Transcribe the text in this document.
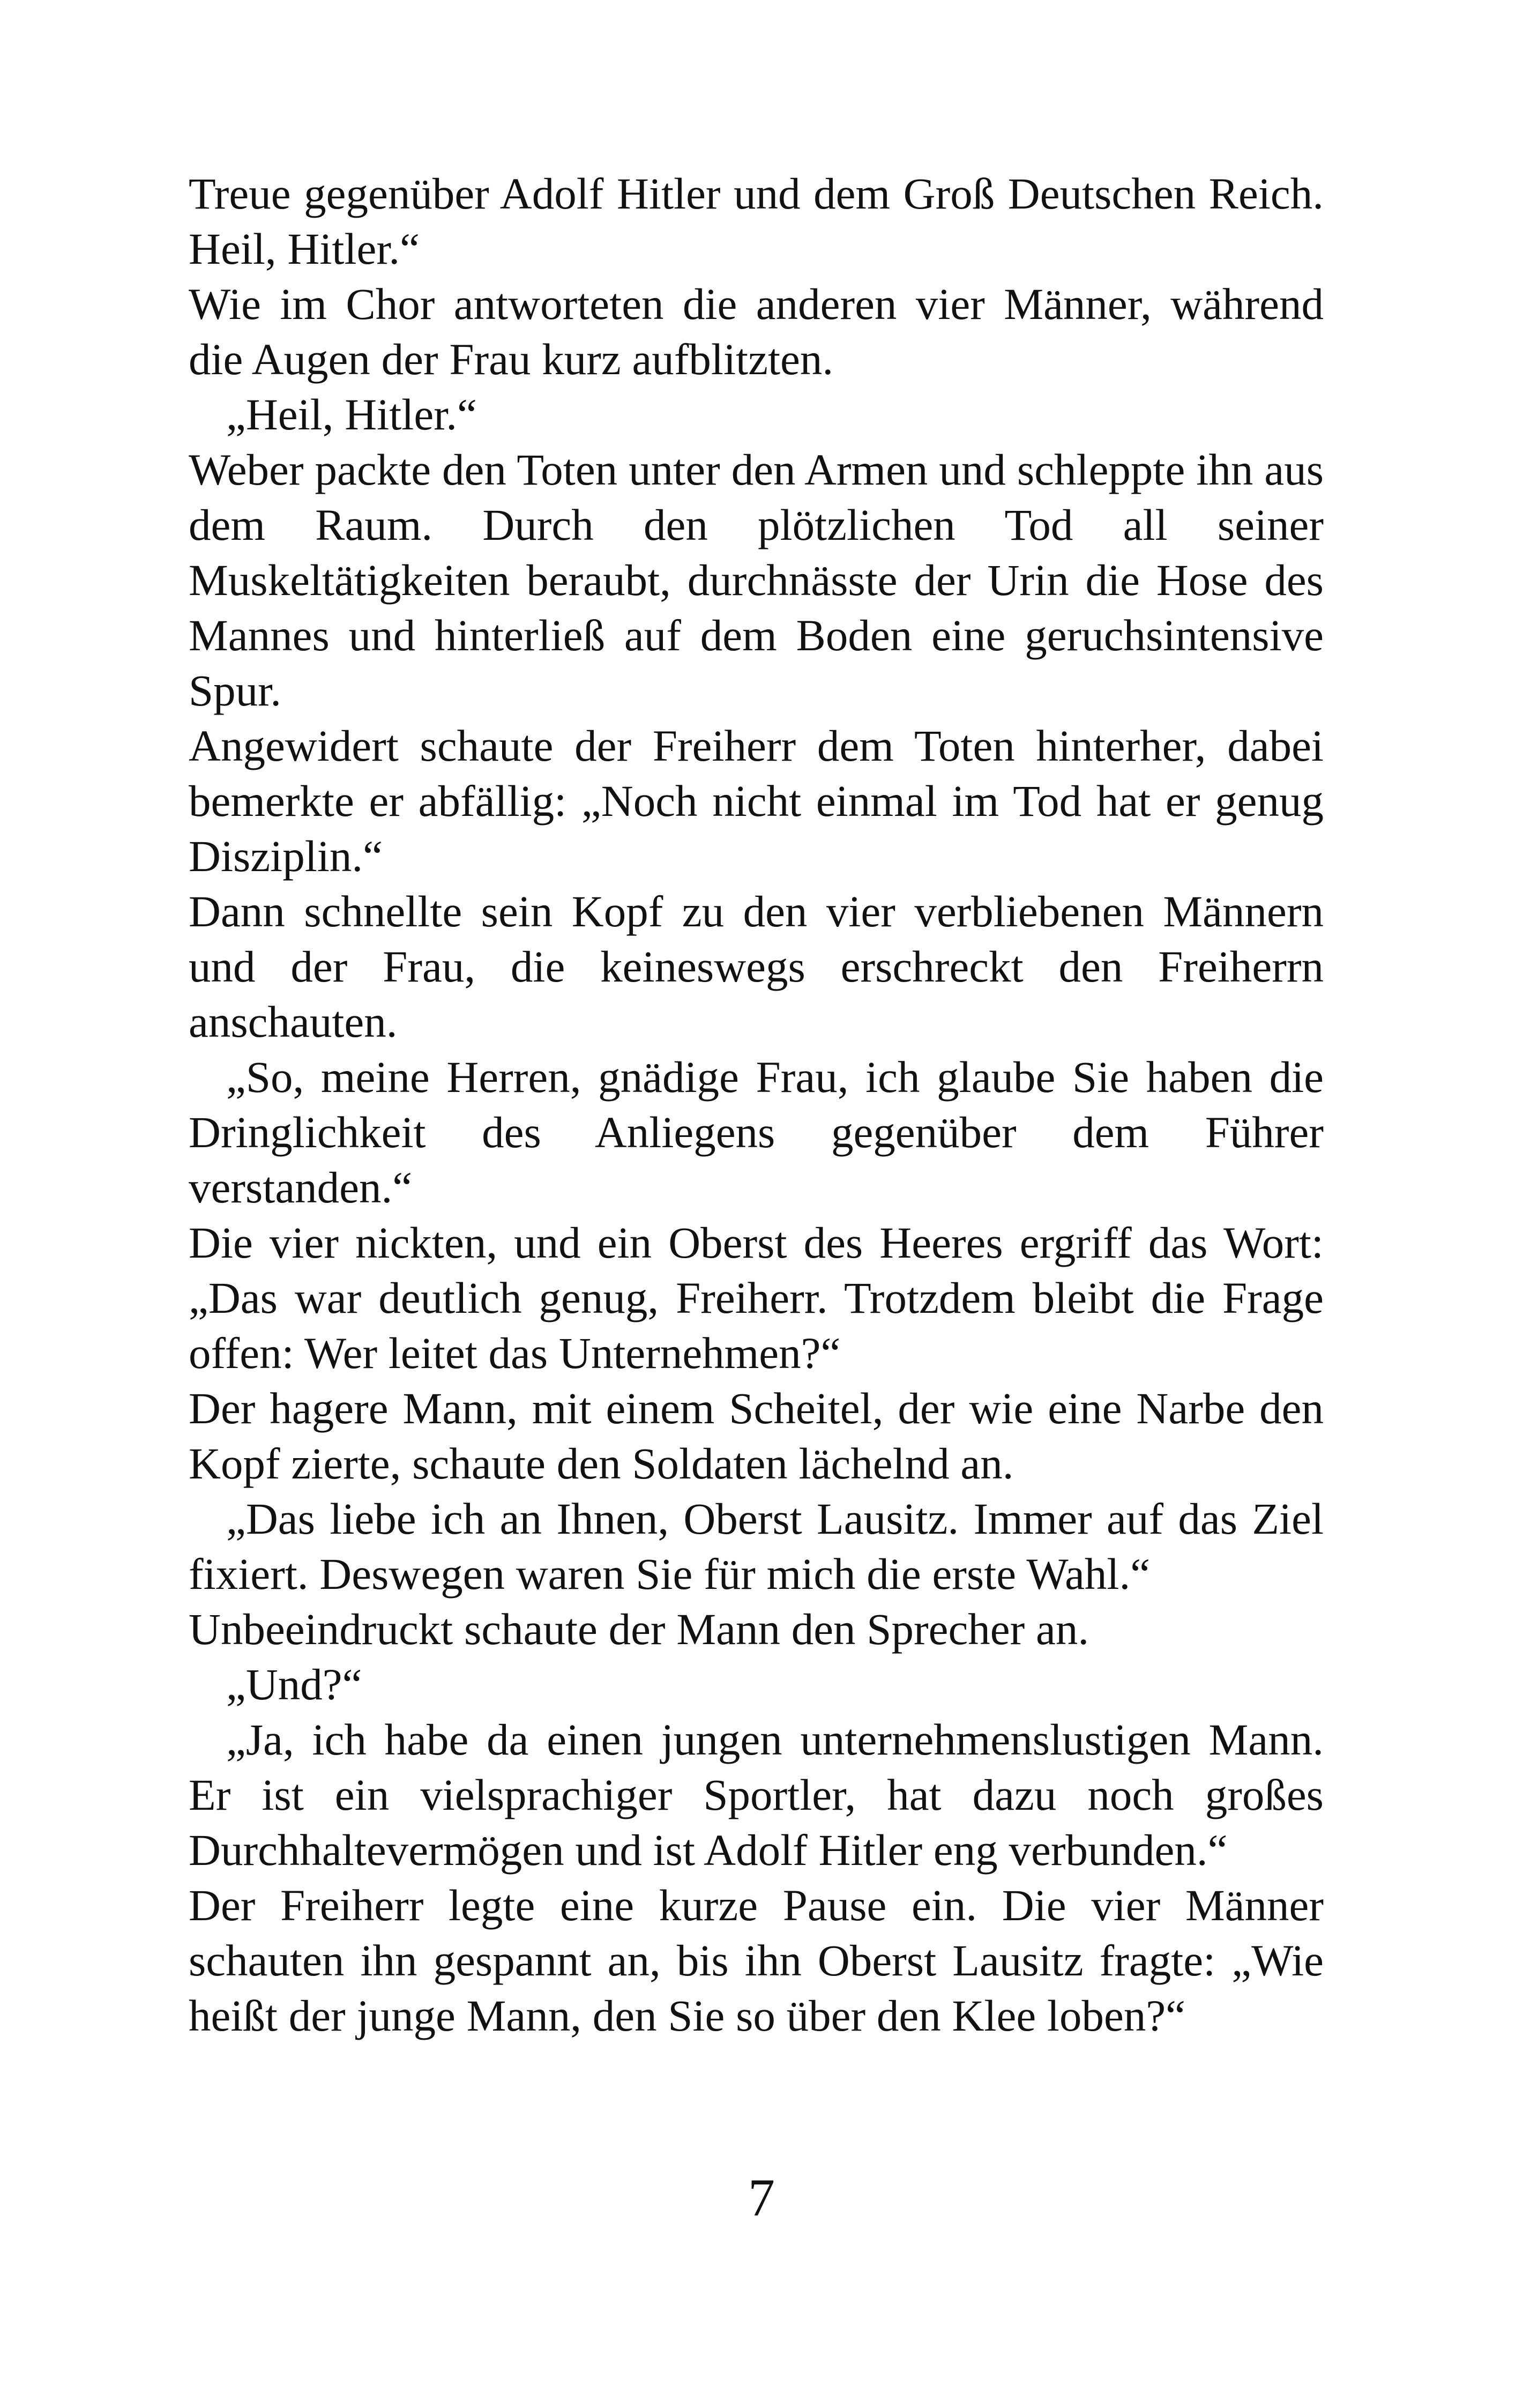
Treue gegenüber Adolf Hitler und dem Groß Deutschen Reich. Heil, Hitler.“

Wie im Chor antworteten die anderen vier Männer, während die Augen der Frau kurz aufblitzten.

„Heil, Hitler.“

Weber packte den Toten unter den Armen und schleppte ihn aus dem Raum. Durch den plötzlichen Tod all seiner Muskeltätigkeiten beraubt, durchnässte der Urin die Hose des Mannes und hinterließ auf dem Boden eine geruchsintensive Spur.

Angewidert schaute der Freiherr dem Toten hinterher, dabei bemerkte er abfällig: „Noch nicht einmal im Tod hat er genug Disziplin.“

Dann schnellte sein Kopf zu den vier verbliebenen Männern und der Frau, die keineswegs erschreckt den Freiherrn anschauten.

„So, meine Herren, gnädige Frau, ich glaube Sie haben die Dringlichkeit des Anliegens gegenüber dem Führer verstanden.“

Die vier nickten, und ein Oberst des Heeres ergriff das Wort: „Das war deutlich genug, Freiherr. Trotzdem bleibt die Frage offen: Wer leitet das Unternehmen?“

Der hagere Mann, mit einem Scheitel, der wie eine Narbe den Kopf zierte, schaute den Soldaten lächelnd an.

„Das liebe ich an Ihnen, Oberst Lausitz. Immer auf das Ziel fixiert. Deswegen waren Sie für mich die erste Wahl.“

Unbeeindruckt schaute der Mann den Sprecher an.

„Und?“

„Ja, ich habe da einen jungen unternehmenslustigen Mann. Er ist ein vielsprachiger Sportler, hat dazu noch großes Durchhaltevermögen und ist Adolf Hitler eng verbunden.“

Der Freiherr legte eine kurze Pause ein. Die vier Männer schauten ihn gespannt an, bis ihn Oberst Lausitz fragte: „Wie heißt der junge Mann, den Sie so über den Klee loben?“

7
